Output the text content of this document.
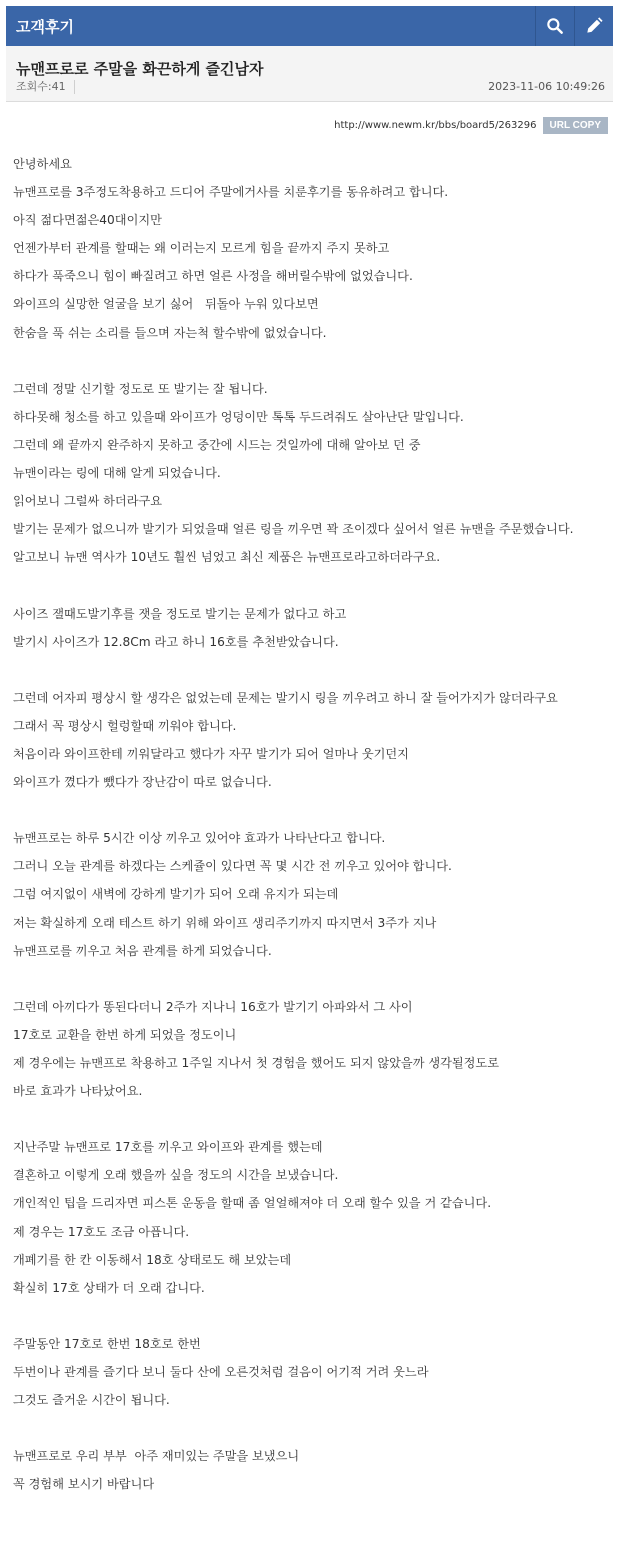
고객후기
뉴맨프로로 주말을 화끈하게 즐긴남자
조회수:41	2023-11-06 10:49:26
http://www.newm.kr/bbs/board5/263296	URL COPY

안녕하세요

뉴맨프로를 3주정도착용하고 드디어 주말에거사를 치룬후기를 동유하려고 합니다.

아직 젊다면젊은40대이지만

언젠가부터 관계를 할때는 왜 이러는지 모르게 힘을 끝까지 주지 못하고

하다가 푹죽으니 힘이 빠질려고 하면 얼른 사정을 해버릴수밖에 없었습니다.

와이프의 실망한 얼굴을 보기 싫어   뒤돌아 누워 있다보면

한숨을 푹 쉬는 소리를 들으며 자는척 할수밖에 없었습니다.

그런데 정말 신기할 정도로 또 발기는 잘 됩니다.

하다못해 청소를 하고 있을때 와이프가 엉덩이만 톡톡 두드려줘도 살아난단 말입니다.

그런데 왜 끝까지 완주하지 못하고 중간에 시드는 것일까에 대해 알아보 던 중

뉴맨이라는 링에 대해 알게 되었습니다.

읽어보니 그럴싸 하더라구요

발기는 문제가 없으니까 발기가 되었을때 얼른 링을 끼우면 꽉 조이겠다 싶어서 얼른 뉴맨을 주문했습니다.

알고보니 뉴맨 역사가 10년도 훨씬 넘었고 최신 제품은 뉴맨프로라고하더라구요.

사이즈 잴때도발기후를 잿을 정도로 발기는 문제가 없다고 하고

발기시 사이즈가 12.8Cm 라고 하니 16호를 추천받았습니다.

그런데 어자피 평상시 할 생각은 없었는데 문제는 발기시 링을 끼우려고 하니 잘 들어가지가 않더라구요

그래서 꼭 평상시 헐렁할때 끼워야 합니다.

처음이라 와이프한테 끼워달라고 했다가 자꾸 발기가 되어 얼마나 웃기던지

와이프가 꼈다가 뺐다가 장난감이 따로 없습니다.

뉴맨프로는 하루 5시간 이상 끼우고 있어야 효과가 나타난다고 합니다.

그러니 오늘 관계를 하겠다는 스케쥴이 있다면 꼭 몇 시간 전 끼우고 있어야 합니다.

그럼 여지없이 새벽에 강하게 발기가 되어 오래 유지가 되는데

저는 확실하게 오래 테스트 하기 위해 와이프 생리주기까지 따지면서 3주가 지나

뉴맨프로를 끼우고 처음 관계를 하게 되었습니다.

그런데 아끼다가 똥된다더니 2주가 지나니 16호가 발기기 아파와서 그 사이

17호로 교환을 한번 하게 되었을 정도이니

제 경우에는 뉴맨프로 착용하고 1주일 지나서 첫 경험을 했어도 되지 않았을까 생각될정도로

바로 효과가 나타났어요.

지난주말 뉴맨프로 17호를 끼우고 와이프와 관계를 했는데

결혼하고 이렇게 오래 했을까 싶을 정도의 시간을 보냈습니다.

개인적인 팁을 드리자면 피스톤 운동을 할때 좀 얼얼해져야 더 오래 할수 있을 거 같습니다.

제 경우는 17호도 조금 아픕니다.

개폐기를 한 칸 이동해서 18호 상태로도 해 보았는데

확실히 17호 상태가 더 오래 갑니다.

주말동안 17호로 한번 18호로 한번

두번이나 관계를 즐기다 보니 둘다 산에 오른것처럼 걸음이 어기적 거려 웃느라

그것도 즐거운 시간이 됩니다.

뉴맨프로로 우리 부부  아주 재미있는 주말을 보냈으니

꼭 경험해 보시기 바랍니다
